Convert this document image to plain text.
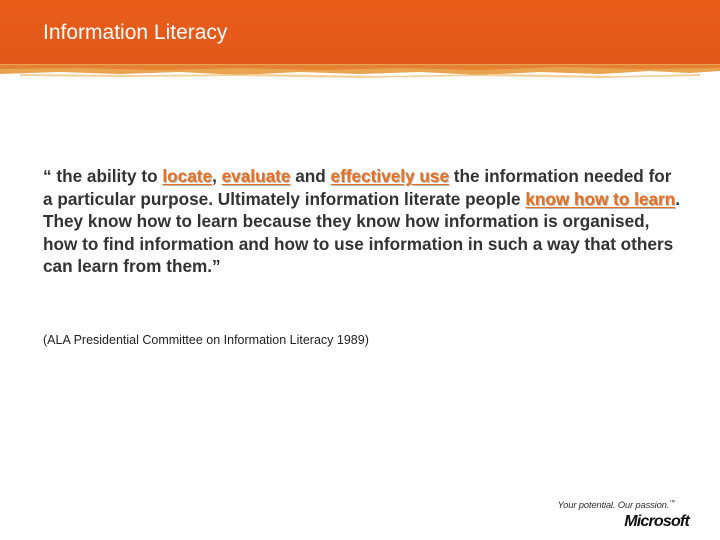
Information Literacy

“ the ability to locate, evaluate and effectively use the information needed for a particular purpose. Ultimately information literate people know how to learn. They know how to learn because they know how information is organised, how to find information and how to use information in such a way that others can learn from them.”

(ALA Presidential Committee on Information Literacy 1989)
Your potential. Our passion.™
Microsoft
